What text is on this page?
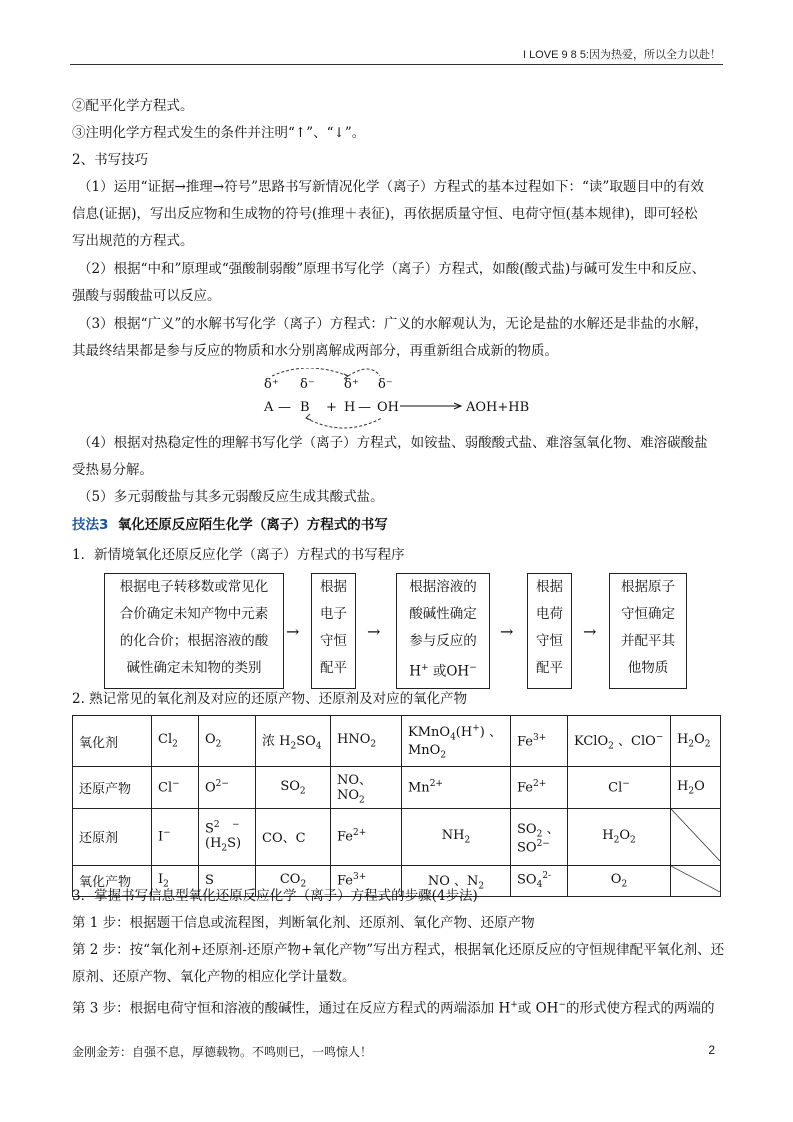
I LOVE 9 8 5:因为热爱，所以全力以赴！
②配平化学方程式。
③注明化学方程式发生的条件并注明“↑”、“↓”。
2、书写技巧
（1）运用“证据→推理→符号”思路书写新情况化学（离子）方程式的基本过程如下：“读”取题目中的有效
信息(证据)，写出反应物和生成物的符号(推理＋表征)，再依据质量守恒、电荷守恒(基本规律)，即可轻松
写出规范的方程式。
（2）根据“中和”原理或“强酸制弱酸”原理书写化学（离子）方程式，如酸(酸式盐)与碱可发生中和反应、
强酸与弱酸盐可以反应。
（3）根据“广义”的水解书写化学（离子）方程式：广义的水解观认为，无论是盐的水解还是非盐的水解，
其最终结果都是参与反应的物质和水分别离解成两部分，再重新组合成新的物质。
δ⁺ δ⁻ δ⁺ δ⁻
A — B + H — OH	AOH+HB
（4）根据对热稳定性的理解书写化学（离子）方程式，如铵盐、弱酸酸式盐、难溶氢氧化物、难溶碳酸盐
受热易分解。
（5）多元弱酸盐与其多元弱酸反应生成其酸式盐。
技法3 氧化还原反应陌生化学（离子）方程式的书写
1．新情境氧化还原反应化学（离子）方程式的书写程序
根据电子转移数或常见化
合价确定未知产物中元素
的化合价；根据溶液的酸
碱性确定未知物的类别
→
根据
电子
守恒
配平
→
根据溶液的
酸碱性确定
参与反应的
H+ 或OH−
→
根据
电荷
守恒
配平
→
根据原子
守恒确定
并配平其
他物质
2. 熟记常见的氧化剂及对应的还原产物、还原剂及对应的氧化产物
氧化剂	$Cl_2$	$O_2$	浓 $H_2SO_4$	$HNO_2$	KMnO$_4$(H+) 、
MnO$_2$	$Fe^{3+}$	KClO$_2$ 、ClO−	$H_2O_2$
还原产物	Cl−	$O^{2-}$	$SO_2$	NO、$NO_2$	$Mn^{2+}$	$Fe^{2+}$	Cl−	$H_2O$
还原剂	I−	$S^2$ −
$(H_2S)$	CO、C	$Fe^{2+}$	$NH_2$	$SO_2$ 、
$SO^{2-}$	$H_2O_2$	
氧化产物	$I_2$	S	$CO_2$	$Fe^{3+}$	NO 、$N_2$	$SO_4^{2-}$	$O_2$	
3．掌握书写信息型氧化还原反应化学（离子）方程式的步骤(4步法)
第 1 步：根据题干信息或流程图，判断氧化剂、还原剂、氧化产物、还原产物
第 2 步：按“氧化剂+还原剂-还原产物+氧化产物”写出方程式，根据氧化还原反应的守恒规律配平氧化剂、还
原剂、还原产物、氧化产物的相应化学计量数。
第 3 步：根据电荷守恒和溶液的酸碱性，通过在反应方程式的两端添加 H+或 OH−的形式使方程式的两端的
金刚金芳：自强不息，厚德载物。不鸣则已，一鸣惊人！	2
